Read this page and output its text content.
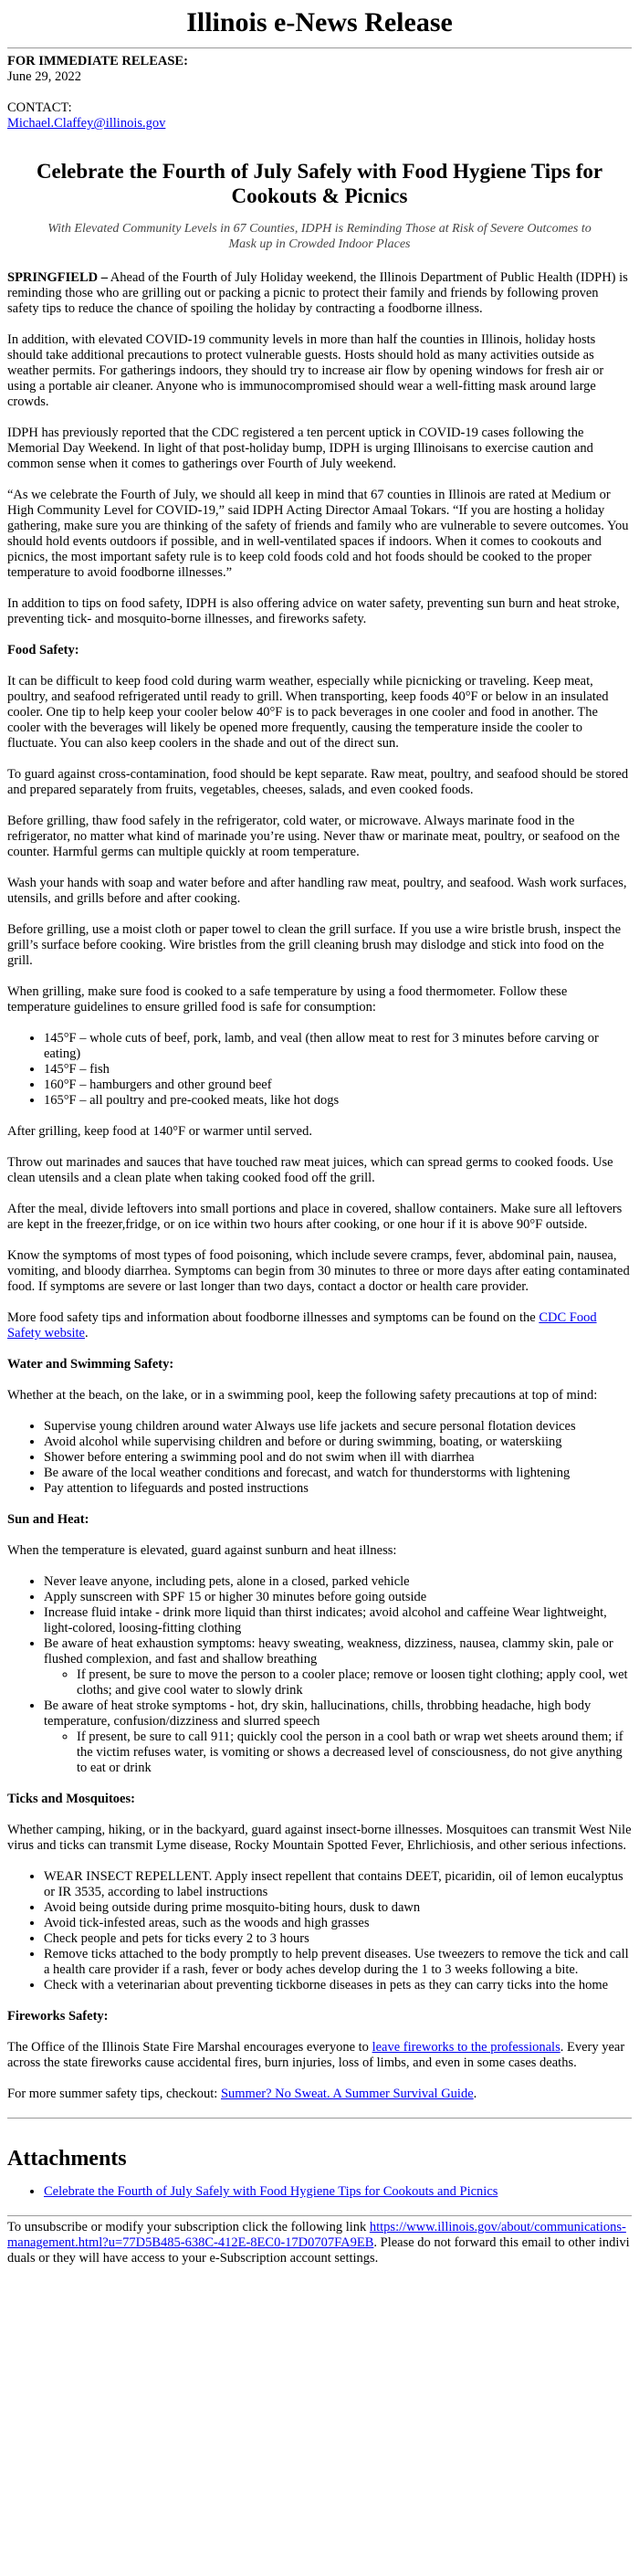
Illinois e-News Release

FOR IMMEDIATE RELEASE:

June 29, 2022

CONTACT:

Michael.Claffey@illinois.gov

Celebrate the Fourth of July Safely with Food Hygiene Tips for Cookouts & Picnics
With Elevated Community Levels in 67 Counties, IDPH is Reminding Those at Risk of Severe Outcomes to Mask up in Crowded Indoor Places

SPRINGFIELD – Ahead of the Fourth of July Holiday weekend, the Illinois Department of Public Health (IDPH) is reminding those who are grilling out or packing a picnic to protect their family and friends by following proven safety tips to reduce the chance of spoiling the holiday by contracting a foodborne illness.

In addition, with elevated COVID-19 community levels in more than half the counties in Illinois, holiday hosts should take additional precautions to protect vulnerable guests. Hosts should hold as many activities outside as weather permits. For gatherings indoors, they should try to increase air flow by opening windows for fresh air or using a portable air cleaner. Anyone who is immunocompromised should wear a well-fitting mask around large crowds.

IDPH has previously reported that the CDC registered a ten percent uptick in COVID-19 cases following the Memorial Day Weekend. In light of that post-holiday bump, IDPH is urging Illinoisans to exercise caution and common sense when it comes to gatherings over Fourth of July weekend.

“As we celebrate the Fourth of July, we should all keep in mind that 67 counties in Illinois are rated at Medium or High Community Level for COVID-19,” said IDPH Acting Director Amaal Tokars. “If you are hosting a holiday gathering, make sure you are thinking of the safety of friends and family who are vulnerable to severe outcomes. You should hold events outdoors if possible, and in well-ventilated spaces if indoors. When it comes to cookouts and picnics, the most important safety rule is to keep cold foods cold and hot foods should be cooked to the proper temperature to avoid foodborne illnesses.”

In addition to tips on food safety, IDPH is also offering advice on water safety, preventing sun burn and heat stroke, preventing tick- and mosquito-borne illnesses, and fireworks safety.

Food Safety:

It can be difficult to keep food cold during warm weather, especially while picnicking or traveling. Keep meat, poultry, and seafood refrigerated until ready to grill. When transporting, keep foods 40°F or below in an insulated cooler. One tip to help keep your cooler below 40°F is to pack beverages in one cooler and food in another. The cooler with the beverages will likely be opened more frequently, causing the temperature inside the cooler to fluctuate. You can also keep coolers in the shade and out of the direct sun.

To guard against cross-contamination, food should be kept separate. Raw meat, poultry, and seafood should be stored and prepared separately from fruits, vegetables, cheeses, salads, and even cooked foods.

Before grilling, thaw food safely in the refrigerator, cold water, or microwave. Always marinate food in the refrigerator, no matter what kind of marinade you’re using. Never thaw or marinate meat, poultry, or seafood on the counter. Harmful germs can multiple quickly at room temperature.

Wash your hands with soap and water before and after handling raw meat, poultry, and seafood. Wash work surfaces, utensils, and grills before and after cooking.

Before grilling, use a moist cloth or paper towel to clean the grill surface. If you use a wire bristle brush, inspect the grill’s surface before cooking. Wire bristles from the grill cleaning brush may dislodge and stick into food on the grill.

When grilling, make sure food is cooked to a safe temperature by using a food thermometer. Follow these temperature guidelines to ensure grilled food is safe for consumption:

• 145°F – whole cuts of beef, pork, lamb, and veal (then allow meat to rest for 3 minutes before carving or eating)
• 145°F – fish
• 160°F – hamburgers and other ground beef
• 165°F – all poultry and pre-cooked meats, like hot dogs

After grilling, keep food at 140°F or warmer until served.

Throw out marinades and sauces that have touched raw meat juices, which can spread germs to cooked foods. Use clean utensils and a clean plate when taking cooked food off the grill.

After the meal, divide leftovers into small portions and place in covered, shallow containers. Make sure all leftovers are kept in the freezer,fridge, or on ice within two hours after cooking, or one hour if it is above 90°F outside.

Know the symptoms of most types of food poisoning, which include severe cramps, fever, abdominal pain, nausea, vomiting, and bloody diarrhea. Symptoms can begin from 30 minutes to three or more days after eating contaminated food. If symptoms are severe or last longer than two days, contact a doctor or health care provider.

More food safety tips and information about foodborne illnesses and symptoms can be found on the CDC Food Safety website.

Water and Swimming Safety:

Whether at the beach, on the lake, or in a swimming pool, keep the following safety precautions at top of mind:

• Supervise young children around water Always use life jackets and secure personal flotation devices
• Avoid alcohol while supervising children and before or during swimming, boating, or waterskiing
• Shower before entering a swimming pool and do not swim when ill with diarrhea
• Be aware of the local weather conditions and forecast, and watch for thunderstorms with lightening
• Pay attention to lifeguards and posted instructions
Sun and Heat:

When the temperature is elevated, guard against sunburn and heat illness:

• Never leave anyone, including pets, alone in a closed, parked vehicle
• Apply sunscreen with SPF 15 or higher 30 minutes before going outside
• Increase fluid intake - drink more liquid than thirst indicates; avoid alcohol and caffeine Wear lightweight, light-colored, loosing-fitting clothing
• Be aware of heat exhaustion symptoms: heavy sweating, weakness, dizziness, nausea, clammy skin, pale or flushed complexion, and fast and shallow breathing
◦ If present, be sure to move the person to a cooler place; remove or loosen tight clothing; apply cool, wet cloths; and give cool water to slowly drink
• Be aware of heat stroke symptoms - hot, dry skin, hallucinations, chills, throbbing headache, high body temperature, confusion/dizziness and slurred speech
◦ If present, be sure to call 911; quickly cool the person in a cool bath or wrap wet sheets around them; if the victim refuses water, is vomiting or shows a decreased level of consciousness, do not give anything to eat or drink
Ticks and Mosquitoes:

Whether camping, hiking, or in the backyard, guard against insect-borne illnesses. Mosquitoes can transmit West Nile virus and ticks can transmit Lyme disease, Rocky Mountain Spotted Fever, Ehrlichiosis, and other serious infections.

• WEAR INSECT REPELLENT. Apply insect repellent that contains DEET, picaridin, oil of lemon eucalyptus or IR 3535, according to label instructions
• Avoid being outside during prime mosquito-biting hours, dusk to dawn
• Avoid tick-infested areas, such as the woods and high grasses
• Check people and pets for ticks every 2 to 3 hours
• Remove ticks attached to the body promptly to help prevent diseases. Use tweezers to remove the tick and call a health care provider if a rash, fever or body aches develop during the 1 to 3 weeks following a bite.
• Check with a veterinarian about preventing tickborne diseases in pets as they can carry ticks into the home
Fireworks Safety:

The Office of the Illinois State Fire Marshal encourages everyone to leave fireworks to the professionals. Every year across the state fireworks cause accidental fires, burn injuries, loss of limbs, and even in some cases deaths.

For more summer safety tips, checkout: Summer? No Sweat. A Summer Survival Guide.

Attachments
• Celebrate the Fourth of July Safely with Food Hygiene Tips for Cookouts and Picnics

To unsubscribe or modify your subscription click the following link https://www.illinois.gov/about/communications-management.html?u=77D5B485-638C-412E-8EC0-17D0707FA9EB. Please do not forward this email to other individuals or they will have access to your e-Subscription account settings.
